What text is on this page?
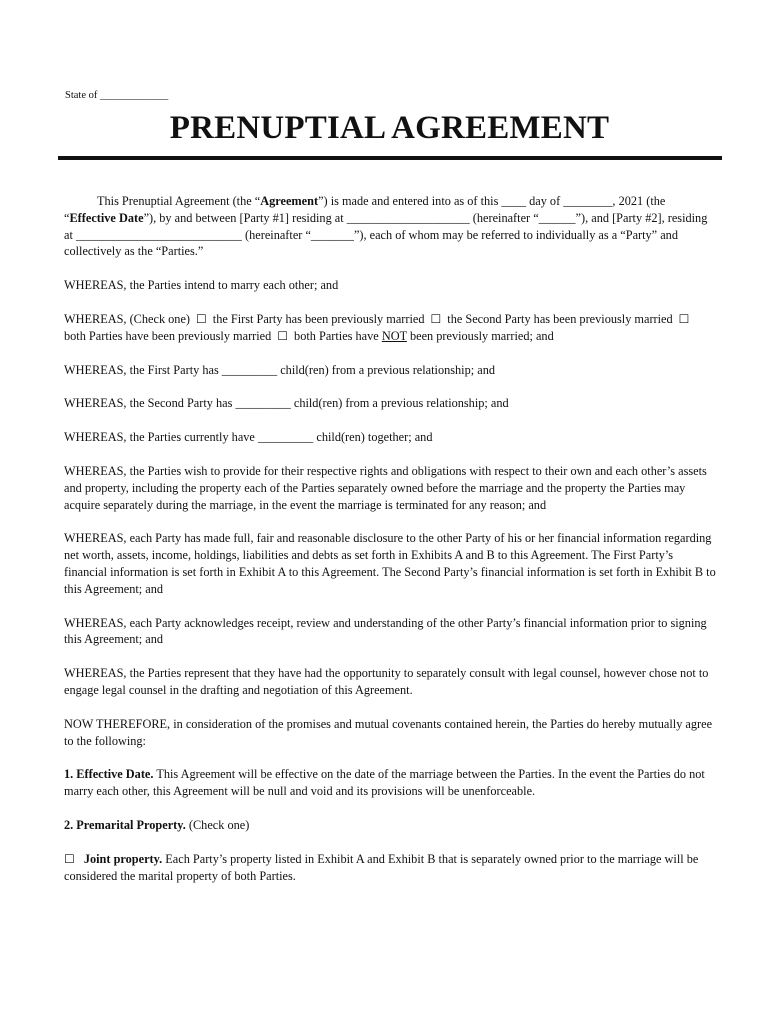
State of _____________
PRENUPTIAL AGREEMENT

This Prenuptial Agreement (the “Agreement”) is made and entered into as of this ____ day of ________, 2021 (the “Effective Date”), by and between [Party #1] residing at ____________________ (hereinafter “______”), and [Party #2], residing at ___________________________ (hereinafter “_______”), each of whom may be referred to individually as a “Party” and collectively as the “Parties.”

WHEREAS, the Parties intend to marry each other; and

WHEREAS, (Check one) ☐ the First Party has been previously married ☐ the Second Party has been previously married ☐both Parties have been previously married ☐ both Parties have NOT been previously married; and

WHEREAS, the First Party has _________ child(ren) from a previous relationship; and

WHEREAS, the Second Party has _________ child(ren) from a previous relationship; and

WHEREAS, the Parties currently have _________ child(ren) together; and

WHEREAS, the Parties wish to provide for their respective rights and obligations with respect to their own and each other’s assets and property, including the property each of the Parties separately owned before the marriage and the property the Parties may acquire separately during the marriage, in the event the marriage is terminated for any reason; and

WHEREAS, each Party has made full, fair and reasonable disclosure to the other Party of his or her financial information regarding net worth, assets, income, holdings, liabilities and debts as set forth in Exhibits A and B to this Agreement. The First Party’s financial information is set forth in Exhibit A to this Agreement. The Second Party’s financial information is set forth in Exhibit B to this Agreement; and

WHEREAS, each Party acknowledges receipt, review and understanding of the other Party’s financial information prior to signing this Agreement; and

WHEREAS, the Parties represent that they have had the opportunity to separately consult with legal counsel, however chose not to engage legal counsel in the drafting and negotiation of this Agreement.

NOW THEREFORE, in consideration of the promises and mutual covenants contained herein, the Parties do hereby mutually agree to the following:

1. Effective Date. This Agreement will be effective on the date of the marriage between the Parties. In the event the Parties do not marry each other, this Agreement will be null and void and its provisions will be unenforceable.

2. Premarital Property. (Check one)

☐ Joint property. Each Party’s property listed in Exhibit A and Exhibit B that is separately owned prior to the marriage will be considered the marital property of both Parties.
